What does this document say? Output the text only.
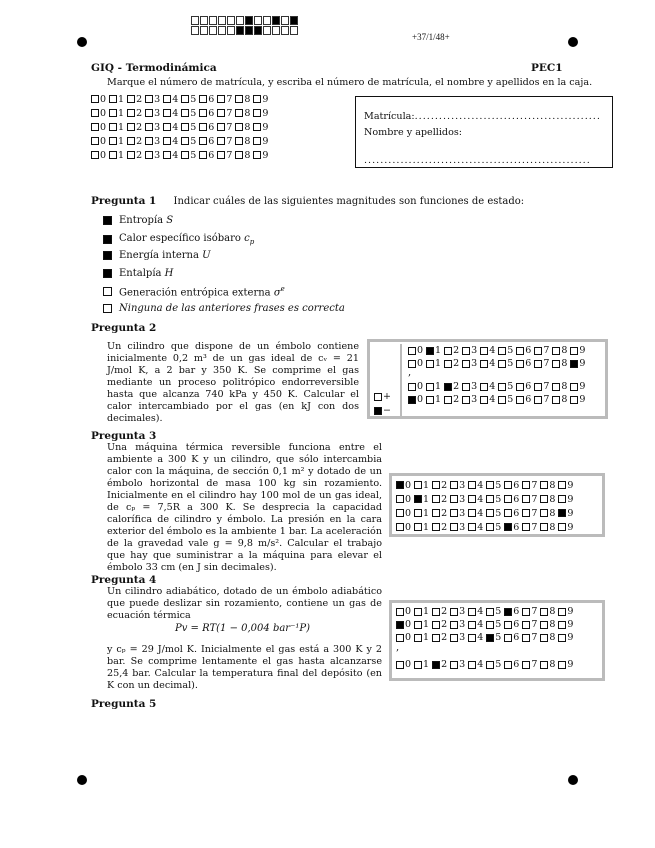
+37/1/48+
GIQ - Termodinámica	PEC1
Marque el número de matrícula, y escriba el número de matrícula, el nombre y apellidos en la caja.
0 1 2 3 4 5 6 7 8 9
0 1 2 3 4 5 6 7 8 9
0 1 2 3 4 5 6 7 8 9
0 1 2 3 4 5 6 7 8 9
0 1 2 3 4 5 6 7 8 9
Matrícula:..............................................
Nombre y apellidos:
........................................................
Pregunta 1 Indicar cuáles de las siguientes magnitudes son funciones de estado:
Entropía S
Calor específico isóbaro $c_p$
Energía interna U
Entalpía H
Generación entrópica externa $\sigma^e$
Ninguna de las anteriores frases es correcta
Pregunta 2
Un cilindro que dispone de un émbolo contiene inicialmente 0,2 m³ de un gas ideal de cᵥ = 21 J/mol K, a 2 bar y 350 K. Se comprime el gas mediante un proceso politrópico endorreversible hasta que alcanza 740 kPa y 450 K. Calcular el calor intercambiado por el gas (en kJ con dos decimales).
+
−
0 1 2 3 4 5 6 7 8 9
0 1 2 3 4 5 6 7 8 9
,
0 1 2 3 4 5 6 7 8 9
0 1 2 3 4 5 6 7 8 9
Pregunta 3
Una máquina térmica reversible funciona entre el ambiente a 300 K y un cilindro, que sólo intercambia calor con la máquina, de sección 0,1 m² y dotado de un émbolo horizontal de masa 100 kg sin rozamiento. Inicialmente en el cilindro hay 100 mol de un gas ideal, de cₚ = 7,5R a 300 K. Se desprecia la capacidad calorífica de cilindro y émbolo. La presión en la cara exterior del émbolo es la ambiente 1 bar. La aceleración de la gravedad vale g = 9,8 m/s². Calcular el trabajo que hay que suministrar a la máquina para elevar el émbolo 33 cm (en J sin decimales).
0 1 2 3 4 5 6 7 8 9
0 1 2 3 4 5 6 7 8 9
0 1 2 3 4 5 6 7 8 9
0 1 2 3 4 5 6 7 8 9
Pregunta 4
Un cilindro adiabático, dotado de un émbolo adiabático que puede deslizar sin rozamiento, contiene un gas de ecuación térmica
Pv = RT(1 − 0,004 bar⁻¹P)
y cₚ = 29 J/mol K. Inicialmente el gas está a 300 K y 2 bar. Se comprime lentamente el gas hasta alcanzarse 25,4 bar. Calcular la temperatura final del depósito (en K con un decimal).
0 1 2 3 4 5 6 7 8 9
0 1 2 3 4 5 6 7 8 9
0 1 2 3 4 5 6 7 8 9
,
0 1 2 3 4 5 6 7 8 9
Pregunta 5
